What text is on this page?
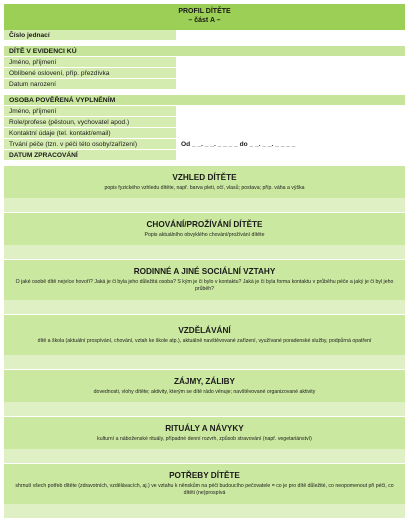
PROFIL DÍTĚTE
– část A –
Číslo jednací
DÍTĚ V EVIDENCI KÚ
Jméno, příjmení
Oblíbené oslovení, příp. přezdívka
Datum narození
OSOBA POVĚŘENÁ VYPLNĚNÍM
Jméno, příjmení
Role/profese (pěstoun, vychovatel apod.)
Kontaktní údaje (tel. kontakt/email)
Trvání péče (tzn. v péči této osoby/zařízení)	Od _ _. _ _. _ _ _ _ do _ _. _ _. _ _ _ _
DATUM ZPRACOVÁNÍ
VZHLED DÍTĚTE

popis fyzického vzhledu dítěte, např. barva pleti, očí, vlasů; postava; příp. váha a výška

CHOVÁNÍ/PROŽÍVÁNÍ DÍTĚTE

Popis aktuálního obvyklého chování/prožívání dítěte

RODINNÉ A JINÉ SOCIÁLNÍ VZTAHY

O jaké osobě dítě nejvíce hovoří? Jaká je či byla jeho důležitá osoba? S kým je či bylo v kontaktu? Jaká je či byla forma kontaktu v průběhu péče a jaký je či byl jeho průběh?

VZDĚLÁVÁNÍ

dítě a škola (aktuální prospívání, chování, vztah ke škole atp.), aktuálně navštěvované zařízení, využívané poradenské služby, podpůrná opatření

ZÁJMY, ZÁLIBY

dovednosti, vlohy dítěte; aktivity, kterým se dítě rádo věnuje; navštěvované organizované aktivity

RITUÁLY A NÁVYKY

kulturní a náboženské rituály, případné denní rozvrh, způsob stravování (např. vegetariánství)

POTŘEBY DÍTĚTE

shrnutí všech potřeb dítěte (zdravotních, vzdělávacích, aj.) ve vztahu k něnskům na péči budoucího pečovatele = co je pro dítě důležité, co neopomenout při péči, co dítěti (ne)prospívá
